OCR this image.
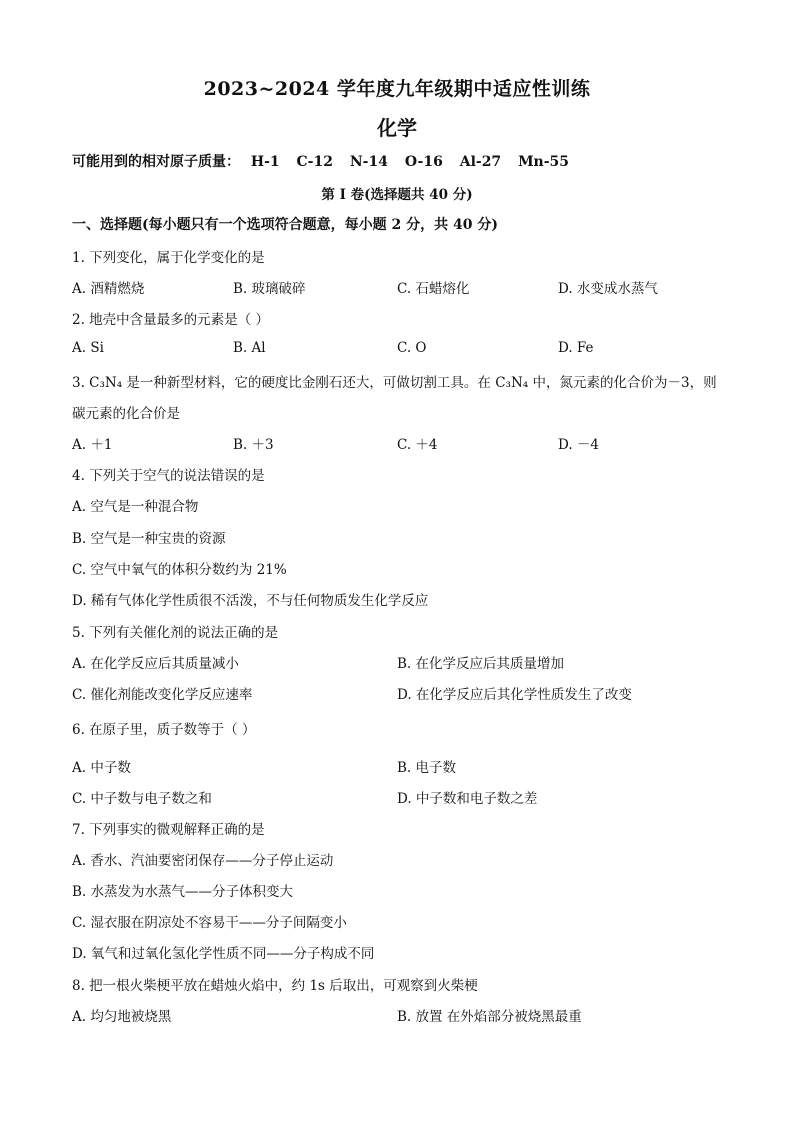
2023~2024 学年度九年级期中适应性训练
化学
可能用到的相对原子质量： H-1 C-12 N-14 O-16 Al-27 Mn-55
第 I 卷(选择题共 40 分)
一、选择题(每小题只有一个选项符合题意，每小题 2 分，共 40 分)
1. 下列变化，属于化学变化的是
A. 酒精燃烧	B. 玻璃破碎	C. 石蜡熔化	D. 水变成水蒸气
2. 地壳中含量最多的元素是（ ）
A. Si	B. Al	C. O	D. Fe
3. C₃N₄ 是一种新型材料，它的硬度比金刚石还大，可做切割工具。在 C₃N₄ 中，氮元素的化合价为－3，则
碳元素的化合价是
A. ＋1	B. ＋3	C. ＋4	D. －4
4. 下列关于空气的说法错误的是
A. 空气是一种混合物
B. 空气是一种宝贵的资源
C. 空气中氧气的体积分数约为 21%
D. 稀有气体化学性质很不活泼，不与任何物质发生化学反应
5. 下列有关催化剂的说法正确的是
A. 在化学反应后其质量减小	B. 在化学反应后其质量增加
C. 催化剂能改变化学反应速率	D. 在化学反应后其化学性质发生了改变
6. 在原子里，质子数等于（ ）
A. 中子数	B. 电子数
C. 中子数与电子数之和	D. 中子数和电子数之差
7. 下列事实的微观解释正确的是
A. 香水、汽油要密闭保存——分子停止运动
B. 水蒸发为水蒸气——分子体积变大
C. 湿衣服在阴凉处不容易干——分子间隔变小
D. 氧气和过氧化氢化学性质不同——分子构成不同
8. 把一根火柴梗平放在蜡烛火焰中，约 1s 后取出，可观察到火柴梗
A. 均匀地被烧黑	B. 放置 在外焰部分被烧黑最重
